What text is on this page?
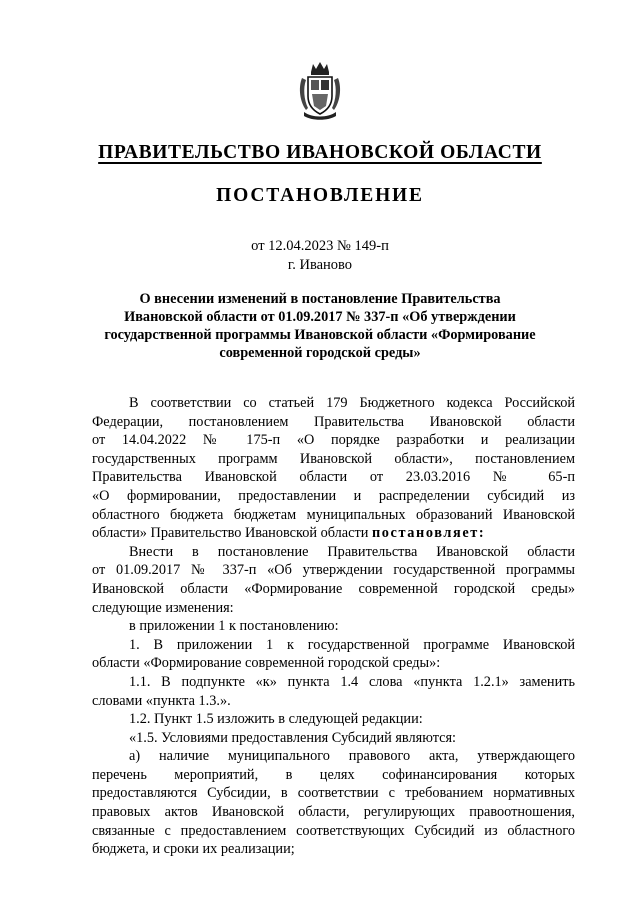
ПРАВИТЕЛЬСТВО ИВАНОВСКОЙ ОБЛАСТИ
ПОСТАНОВЛЕНИЕ
от 12.04.2023 № 149-п
г. Иваново
О внесении изменений в постановление Правительства
Ивановской области от 01.09.2017 № 337-п «Об утверждении
государственной программы Ивановской области «Формирование
современной городской среды»
В соответствии со статьей 179 Бюджетного кодекса Российской
Федерации, постановлением Правительства Ивановской области
от 14.04.2022 № 175-п «О порядке разработки и реализации
государственных программ Ивановской области», постановлением
Правительства Ивановской области от 23.03.2016 № 65-п
«О формировании, предоставлении и распределении субсидий из
областного бюджета бюджетам муниципальных образований Ивановской
области» Правительство Ивановской области постановляет:
Внести в постановление Правительства Ивановской области
от 01.09.2017 № 337-п «Об утверждении государственной программы
Ивановской области «Формирование современной городской среды»
следующие изменения:
в приложении 1 к постановлению:
1. В приложении 1 к государственной программе Ивановской
области «Формирование современной городской среды»:
1.1. В подпункте «к» пункта 1.4 слова «пункта 1.2.1» заменить
словами «пункта 1.3.».
1.2. Пункт 1.5 изложить в следующей редакции:
«1.5. Условиями предоставления Субсидий являются:
а) наличие муниципального правового акта, утверждающего
перечень мероприятий, в целях софинансирования которых
предоставляются Субсидии, в соответствии с требованием нормативных
правовых актов Ивановской области, регулирующих правоотношения,
связанные с предоставлением соответствующих Субсидий из областного
бюджета, и сроки их реализации;
